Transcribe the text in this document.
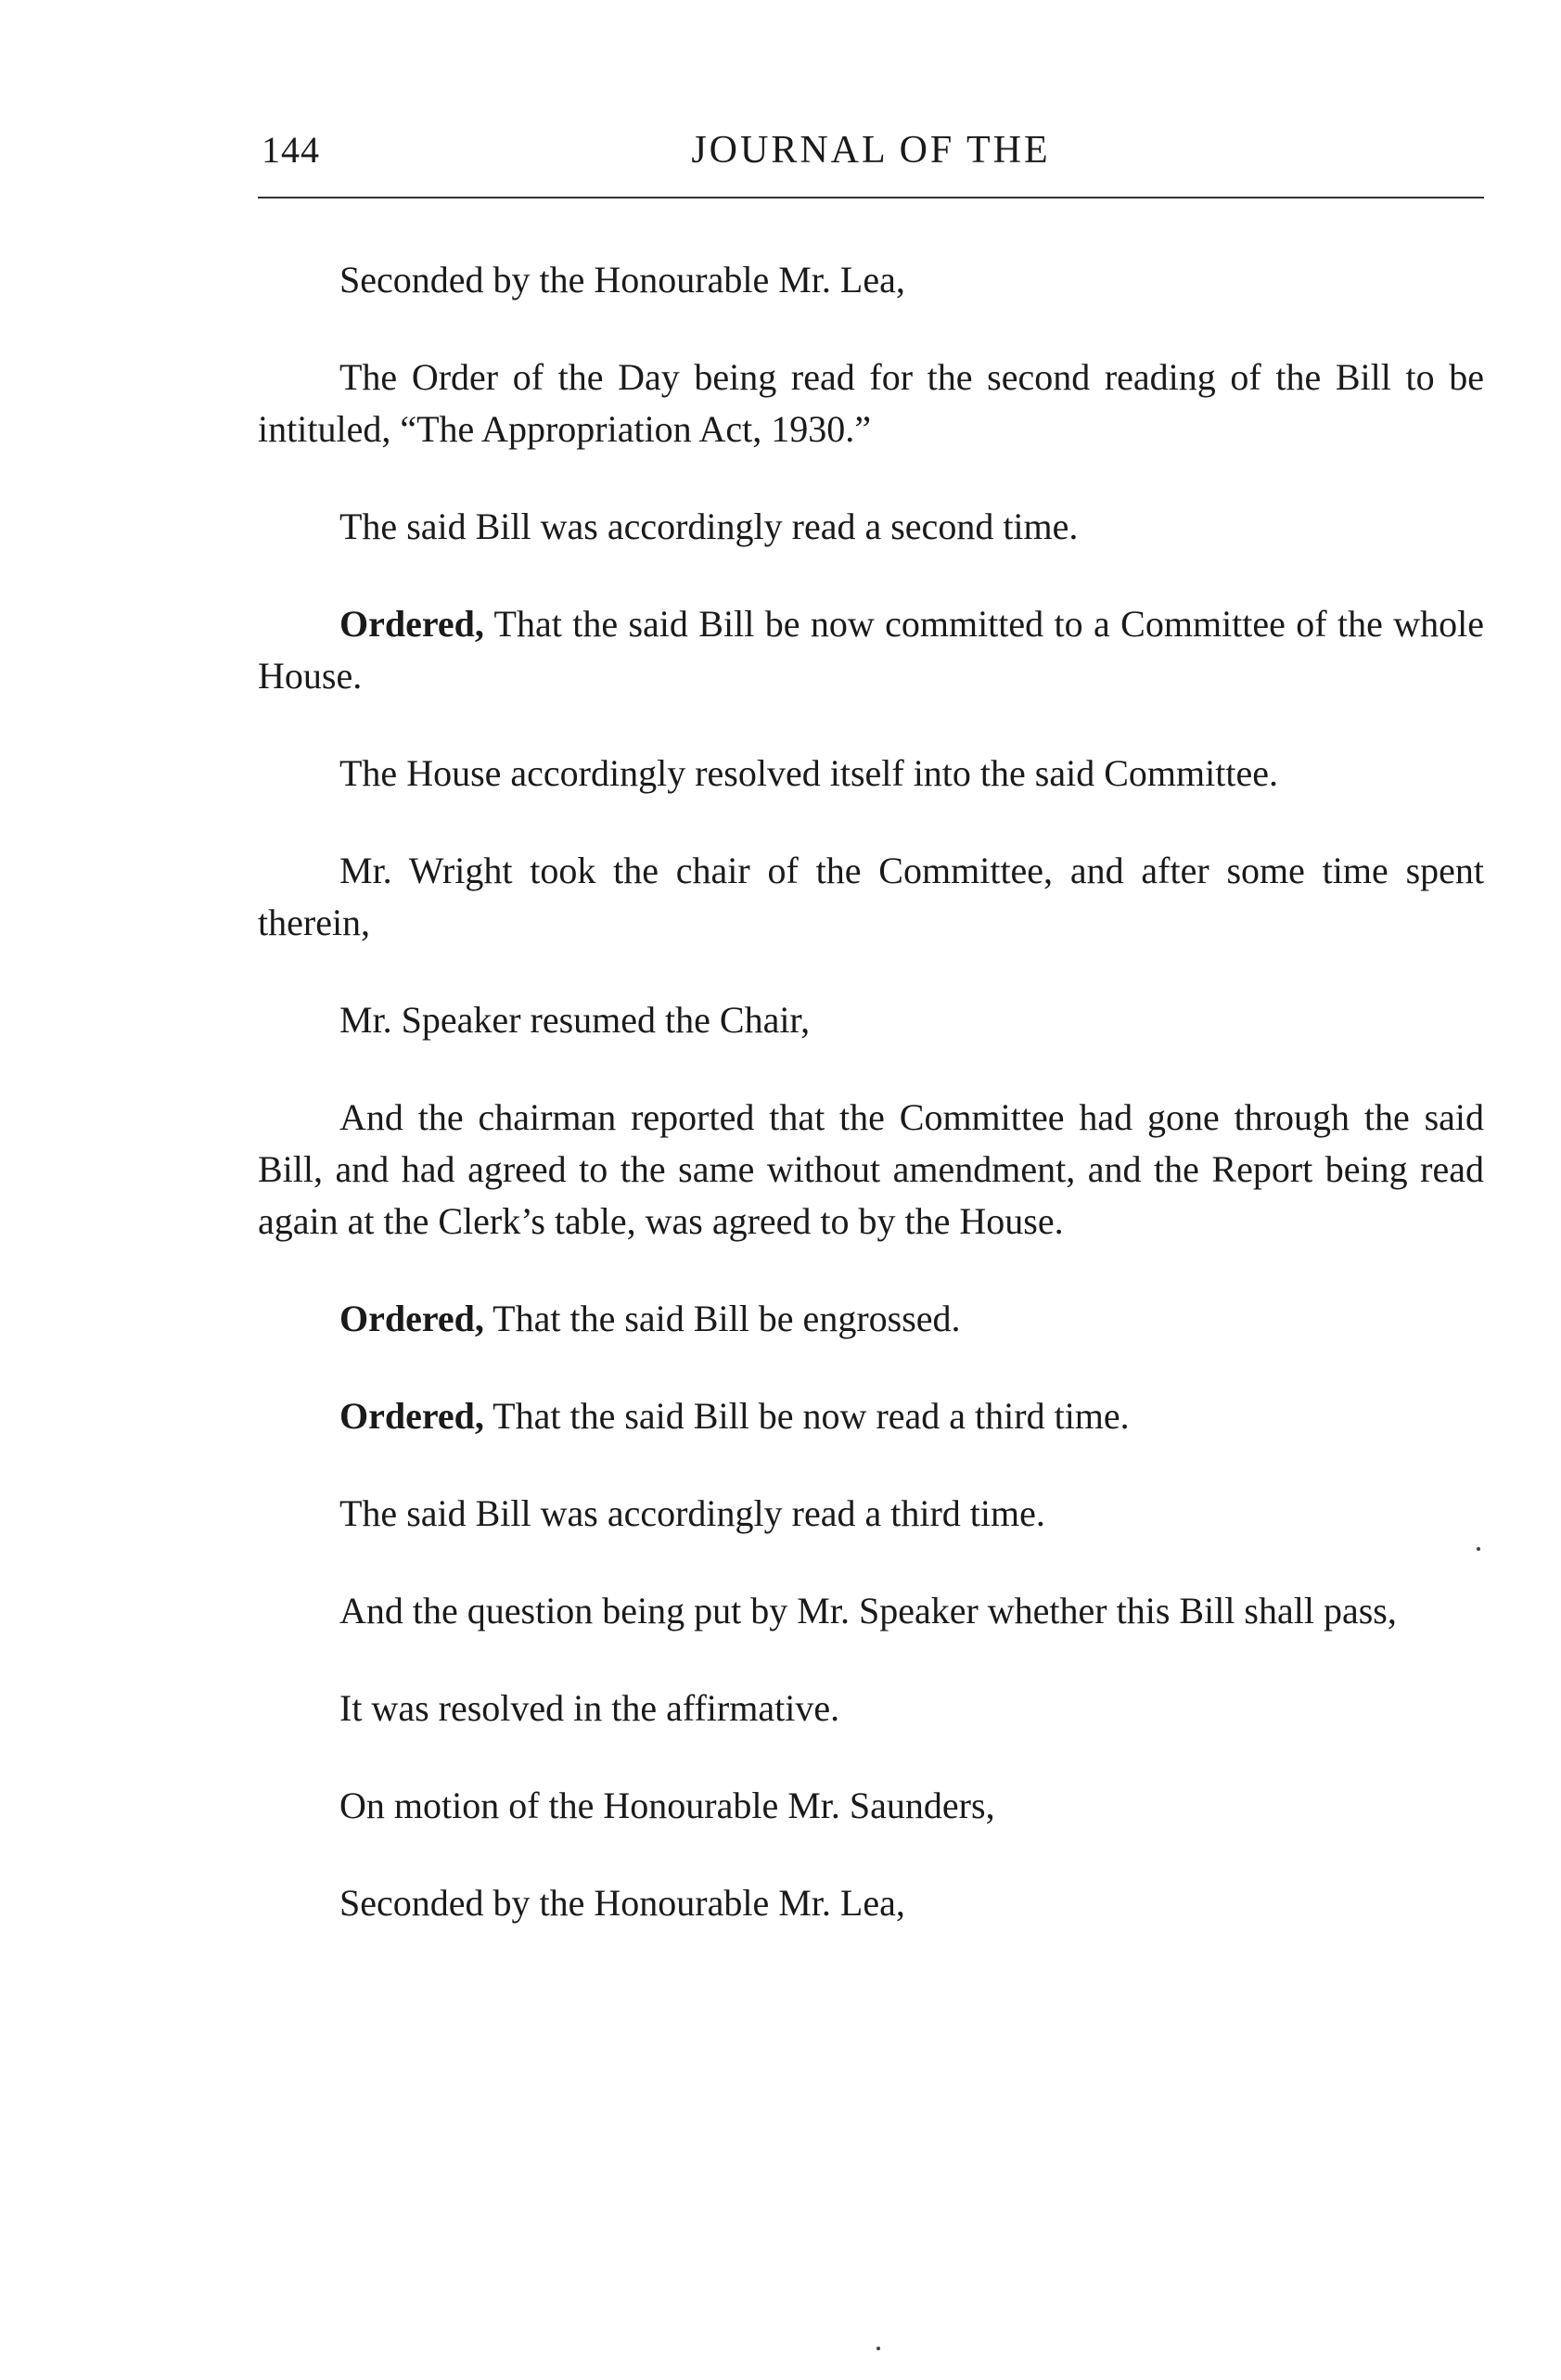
144	JOURNAL OF THE

Seconded by the Honourable Mr. Lea,

The Order of the Day being read for the second reading of the Bill to be intituled, “The Appropriation Act, 1930.”

The said Bill was accordingly read a second time.

Ordered, That the said Bill be now committed to a Committee of the whole House.

The House accordingly resolved itself into the said Committee.

Mr. Wright took the chair of the Committee, and after some time spent therein,

Mr. Speaker resumed the Chair,

And the chairman reported that the Committee had gone through the said Bill, and had agreed to the same without amendment, and the Report being read again at the Clerk’s table, was agreed to by the House.

Ordered, That the said Bill be engrossed.

Ordered, That the said Bill be now read a third time.

The said Bill was accordingly read a third time.

And the question being put by Mr. Speaker whether this Bill shall pass,

It was resolved in the affirmative.

On motion of the Honourable Mr. Saunders,

Seconded by the Honourable Mr. Lea,
